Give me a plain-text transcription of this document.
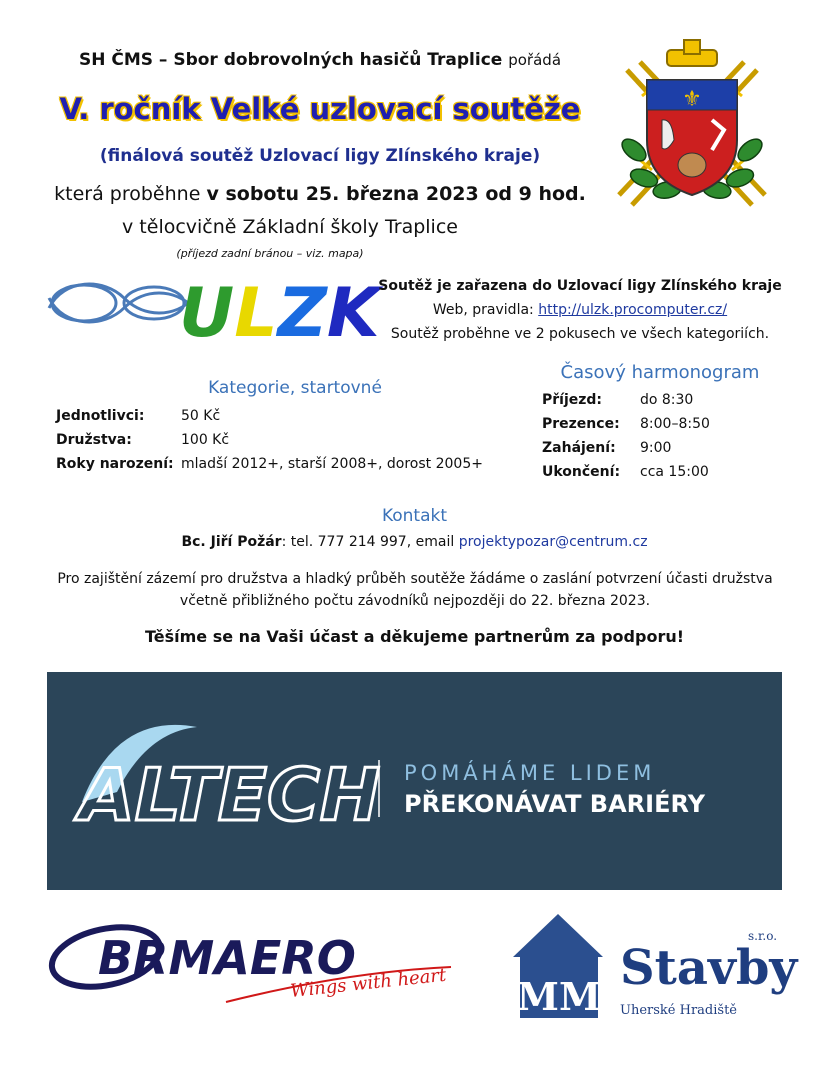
SH ČMS – Sbor dobrovolných hasičů Traplice pořádá
V. ročník Velké uzlovací soutěže
(finálová soutěž Uzlovací ligy Zlínského kraje)
která proběhne v sobotu 25. března 2023 od 9 hod.
v tělocvičně Základní školy Traplice
(příjezd zadní bránou – viz. mapa)
⚜
ULZK
Soutěž je zařazena do Uzlovací ligy Zlínského kraje
Web, pravidla: http://ulzk.procomputer.cz/
Soutěž proběhne ve 2 pokusech ve všech kategoriích.
Kategorie, startovné
Jednotlivci:	50 Kč
Družstva:	100 Kč
Roky narození:	mladší 2012+, starší 2008+, dorost 2005+
Časový harmonogram
Příjezd:	do 8:30
Prezence:	8:00–8:50
Zahájení:	9:00
Ukončení:	cca 15:00
Kontakt
Bc. Jiří Požár: tel. 777 214 997, email projektypozar@centrum.cz
Pro zajištění zázemí pro družstva a hladký průběh soutěže žádáme o zaslání potvrzení účasti družstva včetně přibližného počtu závodníků nejpozději do 22. března 2023.
Těšíme se na Vaši účast a děkujeme partnerům za podporu!
ALTECH POMÁHÁME LIDEM
PŘEKONÁVAT BARIÉRY
BRMAERO
Wings with heart MM
Stavby
s.r.o.
Uherské Hradiště
